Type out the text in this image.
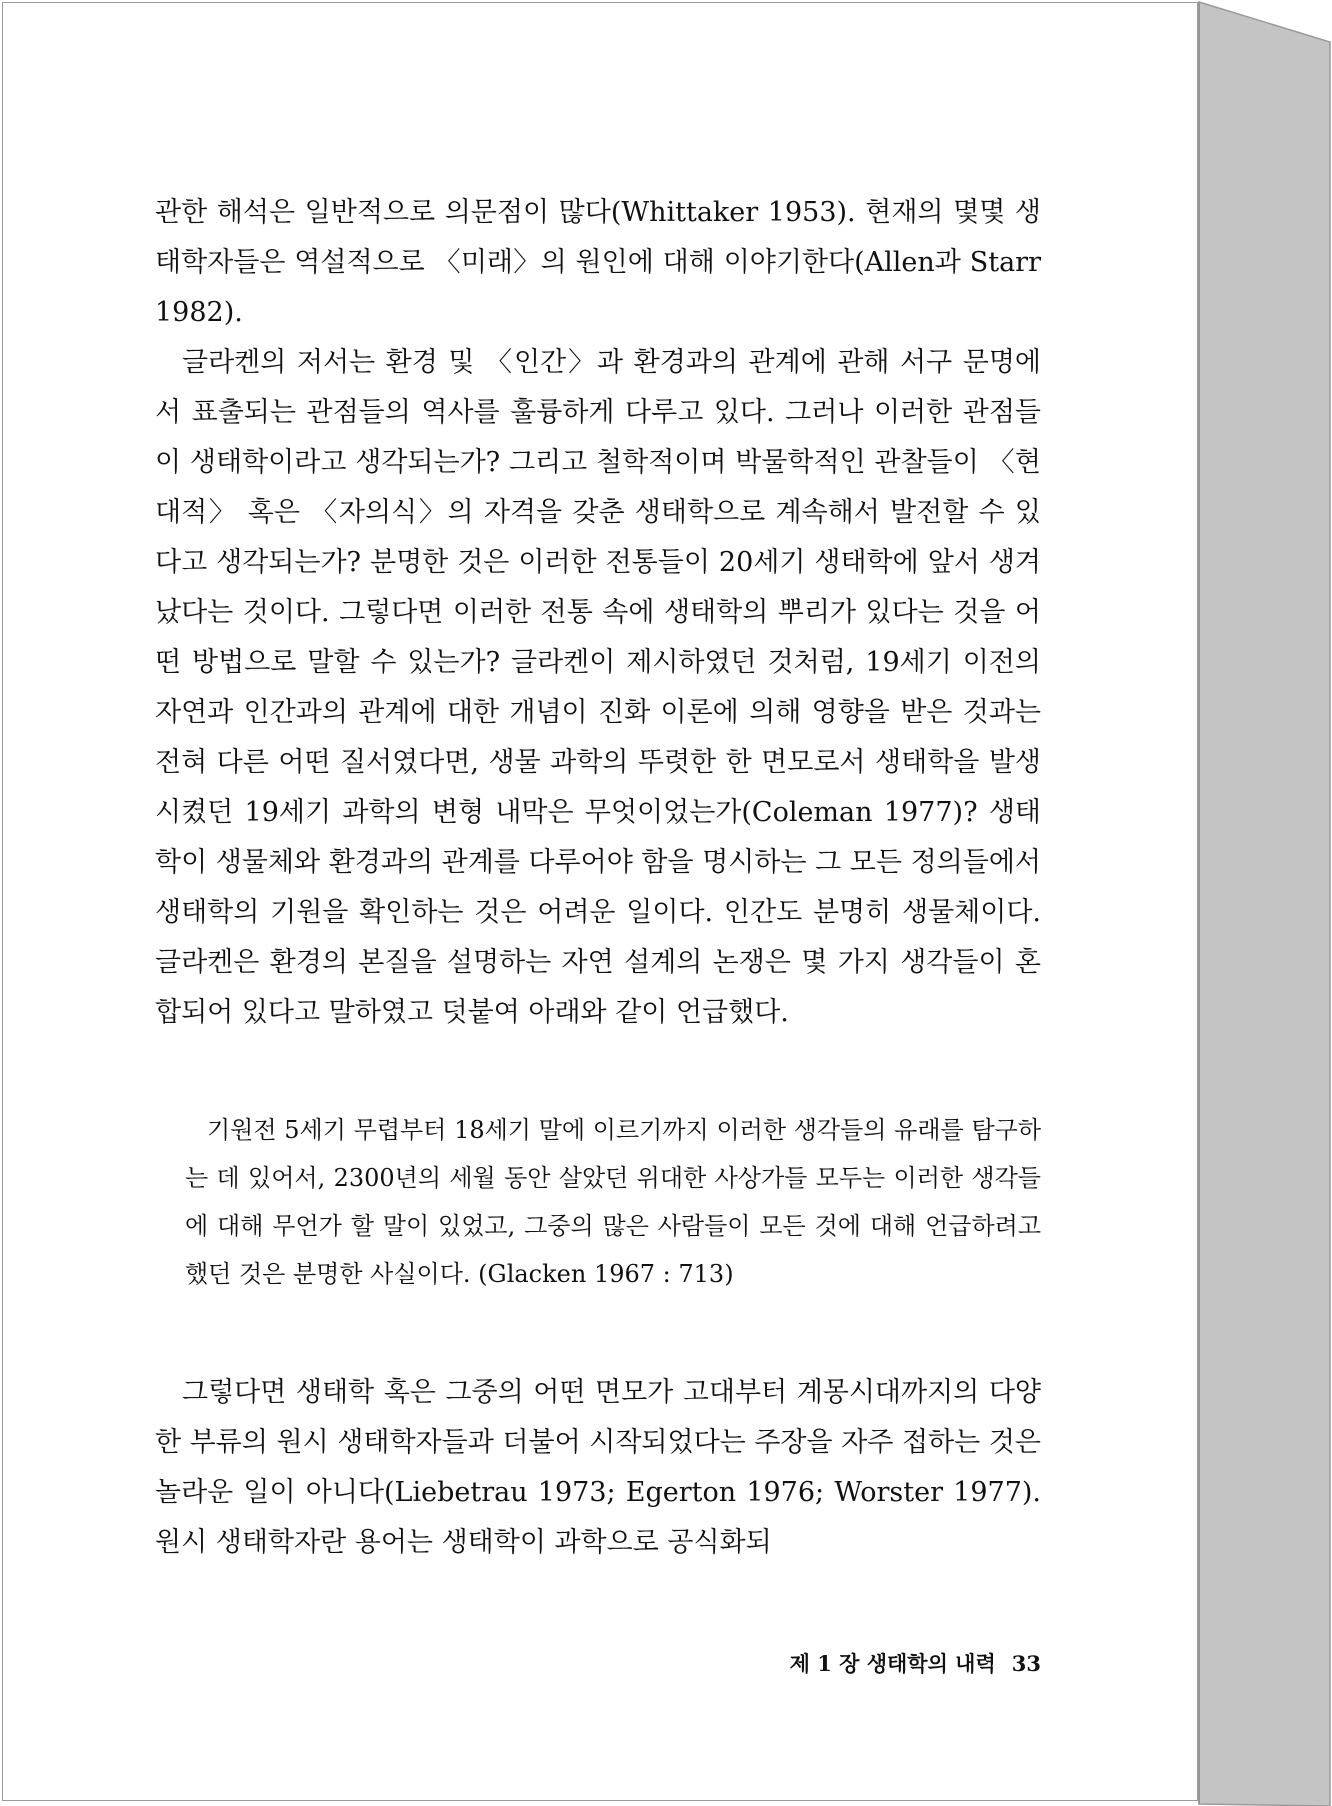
관한 해석은 일반적으로 의문점이 많다(Whittaker 1953). 현재의 몇몇 생태학자들은 역설적으로 〈미래〉의 원인에 대해 이야기한다(Allen과 Starr 1982).

글라켄의 저서는 환경 및 〈인간〉과 환경과의 관계에 관해 서구 문명에서 표출되는 관점들의 역사를 훌륭하게 다루고 있다. 그러나 이러한 관점들이 생태학이라고 생각되는가? 그리고 철학적이며 박물학적인 관찰들이 〈현대적〉 혹은 〈자의식〉의 자격을 갖춘 생태학으로 계속해서 발전할 수 있다고 생각되는가? 분명한 것은 이러한 전통들이 20세기 생태학에 앞서 생겨났다는 것이다. 그렇다면 이러한 전통 속에 생태학의 뿌리가 있다는 것을 어떤 방법으로 말할 수 있는가? 글라켄이 제시하였던 것처럼, 19세기 이전의 자연과 인간과의 관계에 대한 개념이 진화 이론에 의해 영향을 받은 것과는 전혀 다른 어떤 질서였다면, 생물 과학의 뚜렷한 한 면모로서 생태학을 발생시켰던 19세기 과학의 변형 내막은 무엇이었는가(Coleman 1977)? 생태학이 생물체와 환경과의 관계를 다루어야 함을 명시하는 그 모든 정의들에서 생태학의 기원을 확인하는 것은 어려운 일이다. 인간도 분명히 생물체이다. 글라켄은 환경의 본질을 설명하는 자연 설계의 논쟁은 몇 가지 생각들이 혼합되어 있다고 말하였고 덧붙여 아래와 같이 언급했다.

기원전 5세기 무렵부터 18세기 말에 이르기까지 이러한 생각들의 유래를 탐구하는 데 있어서, 2300년의 세월 동안 살았던 위대한 사상가들 모두는 이러한 생각들에 대해 무언가 할 말이 있었고, 그중의 많은 사람들이 모든 것에 대해 언급하려고 했던 것은 분명한 사실이다. (Glacken 1967 : 713)

그렇다면 생태학 혹은 그중의 어떤 면모가 고대부터 계몽시대까지의 다양한 부류의 원시 생태학자들과 더불어 시작되었다는 주장을 자주 접하는 것은 놀라운 일이 아니다(Liebetrau 1973; Egerton 1976; Worster 1977). 원시 생태학자란 용어는 생태학이 과학으로 공식화되

제 1 장 생태학의 내력 33
